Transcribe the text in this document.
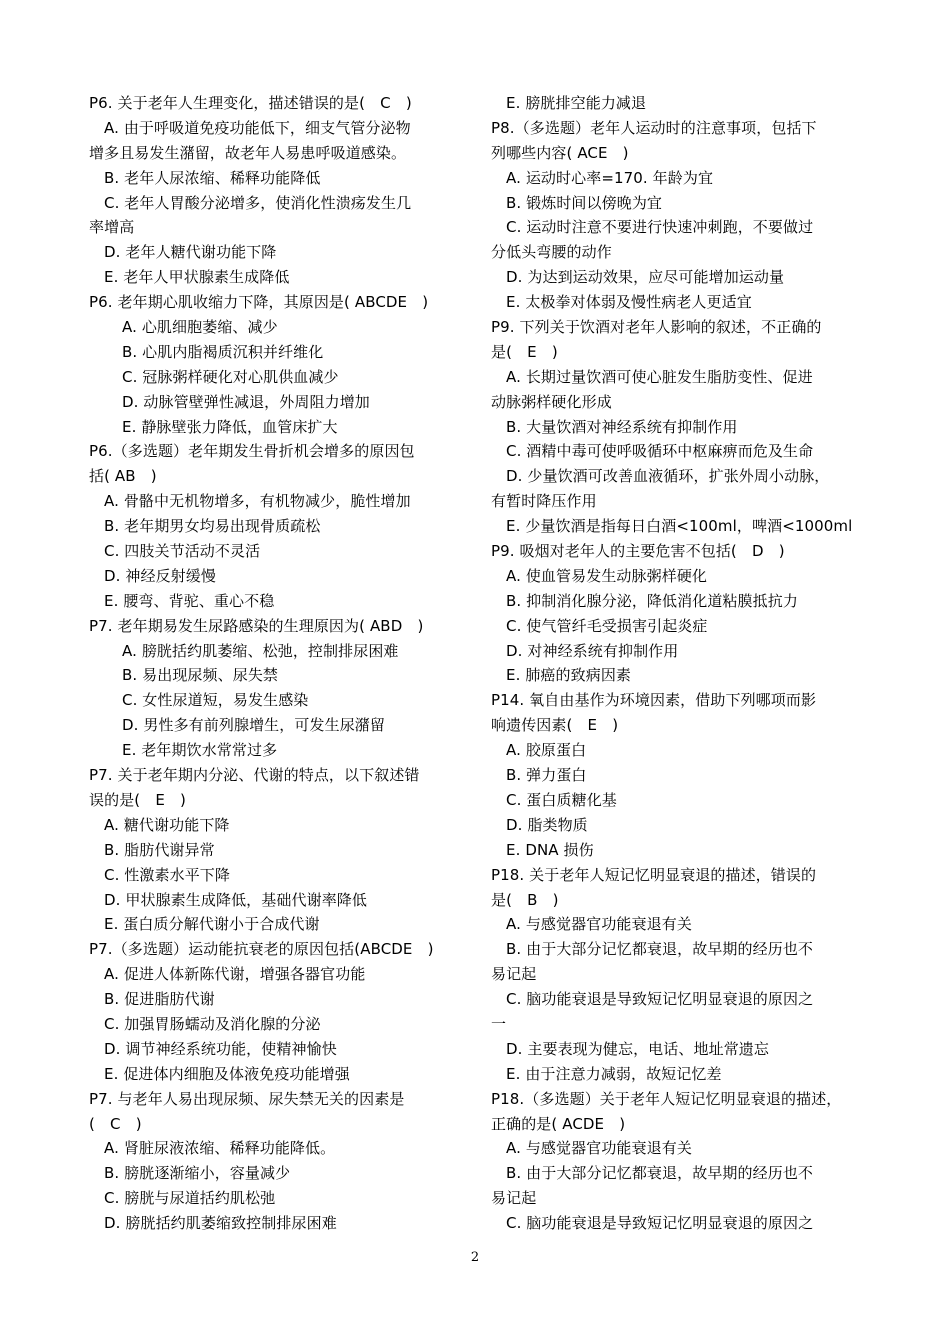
P6. 关于老年人生理变化，描述错误的是(　C　)
A. 由于呼吸道免疫功能低下，细支气管分泌物
增多且易发生潴留，故老年人易患呼吸道感染。
B. 老年人尿浓缩、稀释功能降低
C. 老年人胃酸分泌增多，使消化性溃疡发生几
率增高
D. 老年人糖代谢功能下降
E. 老年人甲状腺素生成降低
P6. 老年期心肌收缩力下降，其原因是( ABCDE　)
A. 心肌细胞萎缩、减少
B. 心肌内脂褐质沉积并纤维化
C. 冠脉粥样硬化对心肌供血减少
D. 动脉管壁弹性减退，外周阻力增加
E. 静脉壁张力降低，血管床扩大
P6.（多选题）老年期发生骨折机会增多的原因包
括( AB　)
A. 骨骼中无机物增多，有机物减少，脆性增加
B. 老年期男女均易出现骨质疏松
C. 四肢关节活动不灵活
D. 神经反射缓慢
E. 腰弯、背驼、重心不稳
P7. 老年期易发生尿路感染的生理原因为( ABD　)
A. 膀胱括约肌萎缩、松弛，控制排尿困难
B. 易出现尿频、尿失禁
C. 女性尿道短，易发生感染
D. 男性多有前列腺增生，可发生尿潴留
E. 老年期饮水常常过多
P7. 关于老年期内分泌、代谢的特点，以下叙述错
误的是(　E　)
A. 糖代谢功能下降
B. 脂肪代谢异常
C. 性激素水平下降
D. 甲状腺素生成降低，基础代谢率降低
E. 蛋白质分解代谢小于合成代谢
P7.（多选题）运动能抗衰老的原因包括(ABCDE　)
A. 促进人体新陈代谢，增强各器官功能
B. 促进脂肪代谢
C. 加强胃肠蠕动及消化腺的分泌
D. 调节神经系统功能，使精神愉快
E. 促进体内细胞及体液免疫功能增强
P7. 与老年人易出现尿频、尿失禁无关的因素是
(　C　)
A. 肾脏尿液浓缩、稀释功能降低。
B. 膀胱逐渐缩小，容量减少
C. 膀胱与尿道括约肌松弛
D. 膀胱括约肌萎缩致控制排尿困难
E. 膀胱排空能力减退
P8.（多选题）老年人运动时的注意事项，包括下
列哪些内容( ACE　)
A. 运动时心率=170. 年龄为宜
B. 锻炼时间以傍晚为宜
C. 运动时注意不要进行快速冲刺跑，不要做过
分低头弯腰的动作
D. 为达到运动效果，应尽可能增加运动量
E. 太极拳对体弱及慢性病老人更适宜
P9. 下列关于饮酒对老年人影响的叙述，不正确的
是(　E　)
A. 长期过量饮酒可使心脏发生脂肪变性、促进
动脉粥样硬化形成
B. 大量饮酒对神经系统有抑制作用
C. 酒精中毒可使呼吸循环中枢麻痹而危及生命
D. 少量饮酒可改善血液循环，扩张外周小动脉，
有暂时降压作用
E. 少量饮酒是指每日白酒<100ml，啤酒<1000ml
P9. 吸烟对老年人的主要危害不包括(　D　)
A. 使血管易发生动脉粥样硬化
B. 抑制消化腺分泌，降低消化道粘膜抵抗力
C. 使气管纤毛受损害引起炎症
D. 对神经系统有抑制作用
E. 肺癌的致病因素
P14. 氧自由基作为环境因素，借助下列哪项而影
响遗传因素(　E　)
A. 胶原蛋白
B. 弹力蛋白
C. 蛋白质糖化基
D. 脂类物质
E. DNA 损伤
P18. 关于老年人短记忆明显衰退的描述，错误的
是(　B　)
A. 与感觉器官功能衰退有关
B. 由于大部分记忆都衰退，故早期的经历也不
易记起
C. 脑功能衰退是导致短记忆明显衰退的原因之
一
D. 主要表现为健忘，电话、地址常遗忘
E. 由于注意力减弱，故短记忆差
P18.（多选题）关于老年人短记忆明显衰退的描述，
正确的是( ACDE　)
A. 与感觉器官功能衰退有关
B. 由于大部分记忆都衰退，故早期的经历也不
易记起
C. 脑功能衰退是导致短记忆明显衰退的原因之
2
